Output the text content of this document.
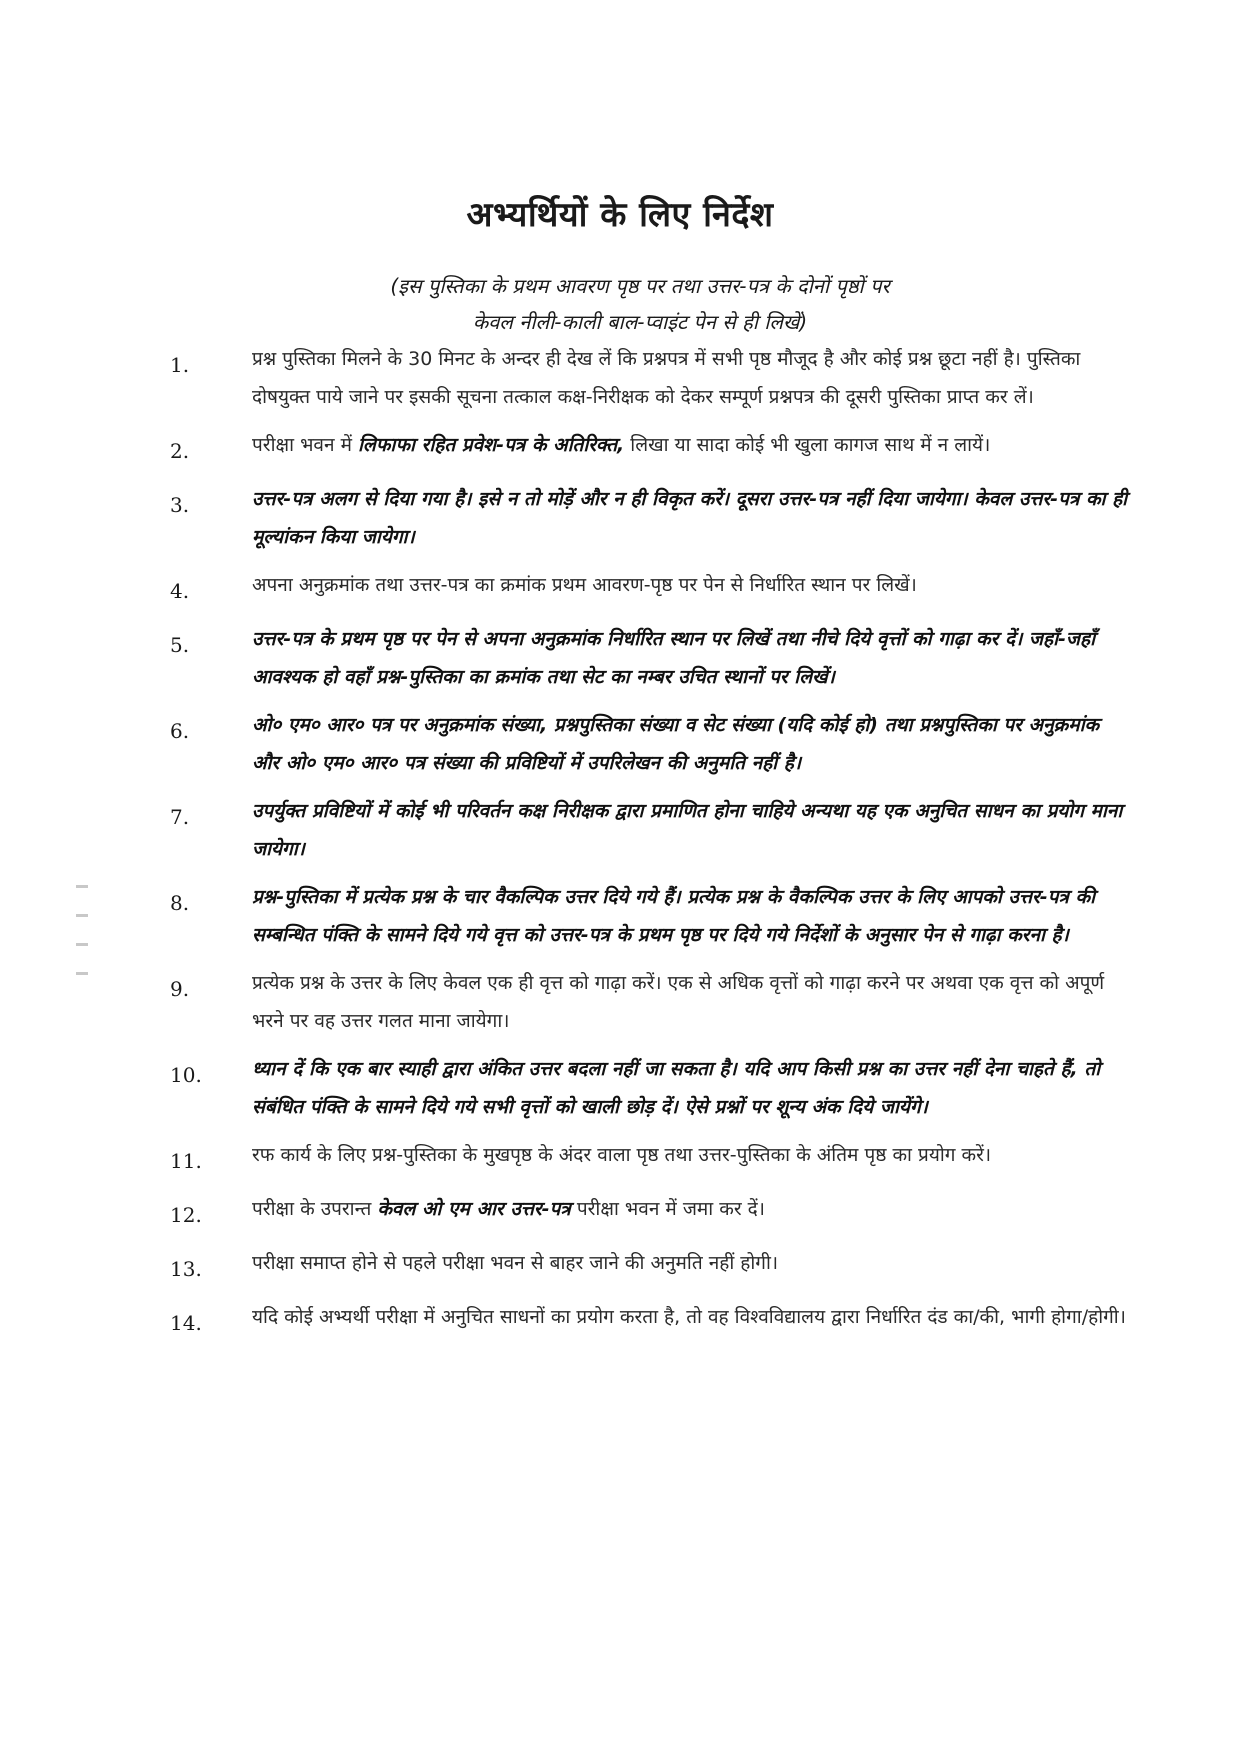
अभ्यर्थियों के लिए निर्देश
(इस पुस्तिका के प्रथम आवरण पृष्ठ पर तथा उत्तर-पत्र के दोनों पृष्ठों पर
केवल नीली-काली बाल-प्वाइंट पेन से ही लिखें)
1.	प्रश्न पुस्तिका मिलने के 30 मिनट के अन्दर ही देख लें कि प्रश्नपत्र में सभी पृष्ठ मौजूद है और कोई प्रश्न छूटा नहीं है। पुस्तिका दोषयुक्त पाये जाने पर इसकी सूचना तत्काल कक्ष-निरीक्षक को देकर सम्पूर्ण प्रश्नपत्र की दूसरी पुस्तिका प्राप्त कर लें।
2.	परीक्षा भवन में लिफाफा रहित प्रवेश-पत्र के अतिरिक्त, लिखा या सादा कोई भी खुला कागज साथ में न लायें।
3.	उत्तर-पत्र अलग से दिया गया है। इसे न तो मोड़ें और न ही विकृत करें। दूसरा उत्तर-पत्र नहीं दिया जायेगा। केवल उत्तर-पत्र का ही मूल्यांकन किया जायेगा।
4.	अपना अनुक्रमांक तथा उत्तर-पत्र का क्रमांक प्रथम आवरण-पृष्ठ पर पेन से निर्धारित स्थान पर लिखें।
5.	उत्तर-पत्र के प्रथम पृष्ठ पर पेन से अपना अनुक्रमांक निर्धारित स्थान पर लिखें तथा नीचे दिये वृत्तों को गाढ़ा कर दें। जहाँ-जहाँ आवश्यक हो वहाँ प्रश्न-पुस्तिका का क्रमांक तथा सेट का नम्बर उचित स्थानों पर लिखें।
6.	ओ० एम० आर० पत्र पर अनुक्रमांक संख्या, प्रश्नपुस्तिका संख्या व सेट संख्या (यदि कोई हो) तथा प्रश्नपुस्तिका पर अनुक्रमांक और ओ० एम० आर० पत्र संख्या की प्रविष्टियों में उपरिलेखन की अनुमति नहीं है।
7.	उपर्युक्त प्रविष्टियों में कोई भी परिवर्तन कक्ष निरीक्षक द्वारा प्रमाणित होना चाहिये अन्यथा यह एक अनुचित साधन का प्रयोग माना जायेगा।
8.	प्रश्न-पुस्तिका में प्रत्येक प्रश्न के चार वैकल्पिक उत्तर दिये गये हैं। प्रत्येक प्रश्न के वैकल्पिक उत्तर के लिए आपको उत्तर-पत्र की सम्बन्धित पंक्ति के सामने दिये गये वृत्त को उत्तर-पत्र के प्रथम पृष्ठ पर दिये गये निर्देशों के अनुसार पेन से गाढ़ा करना है।
9.	प्रत्येक प्रश्न के उत्तर के लिए केवल एक ही वृत्त को गाढ़ा करें। एक से अधिक वृत्तों को गाढ़ा करने पर अथवा एक वृत्त को अपूर्ण भरने पर वह उत्तर गलत माना जायेगा।
10.	ध्यान दें कि एक बार स्याही द्वारा अंकित उत्तर बदला नहीं जा सकता है। यदि आप किसी प्रश्न का उत्तर नहीं देना चाहते हैं, तो संबंधित पंक्ति के सामने दिये गये सभी वृत्तों को खाली छोड़ दें। ऐसे प्रश्नों पर शून्य अंक दिये जायेंगे।
11.	रफ कार्य के लिए प्रश्न-पुस्तिका के मुखपृष्ठ के अंदर वाला पृष्ठ तथा उत्तर-पुस्तिका के अंतिम पृष्ठ का प्रयोग करें।
12.	परीक्षा के उपरान्त केवल ओ एम आर उत्तर-पत्र परीक्षा भवन में जमा कर दें।
13.	परीक्षा समाप्त होने से पहले परीक्षा भवन से बाहर जाने की अनुमति नहीं होगी।
14.	यदि कोई अभ्यर्थी परीक्षा में अनुचित साधनों का प्रयोग करता है, तो वह विश्वविद्यालय द्वारा निर्धारित दंड का/की, भागी होगा/होगी।
